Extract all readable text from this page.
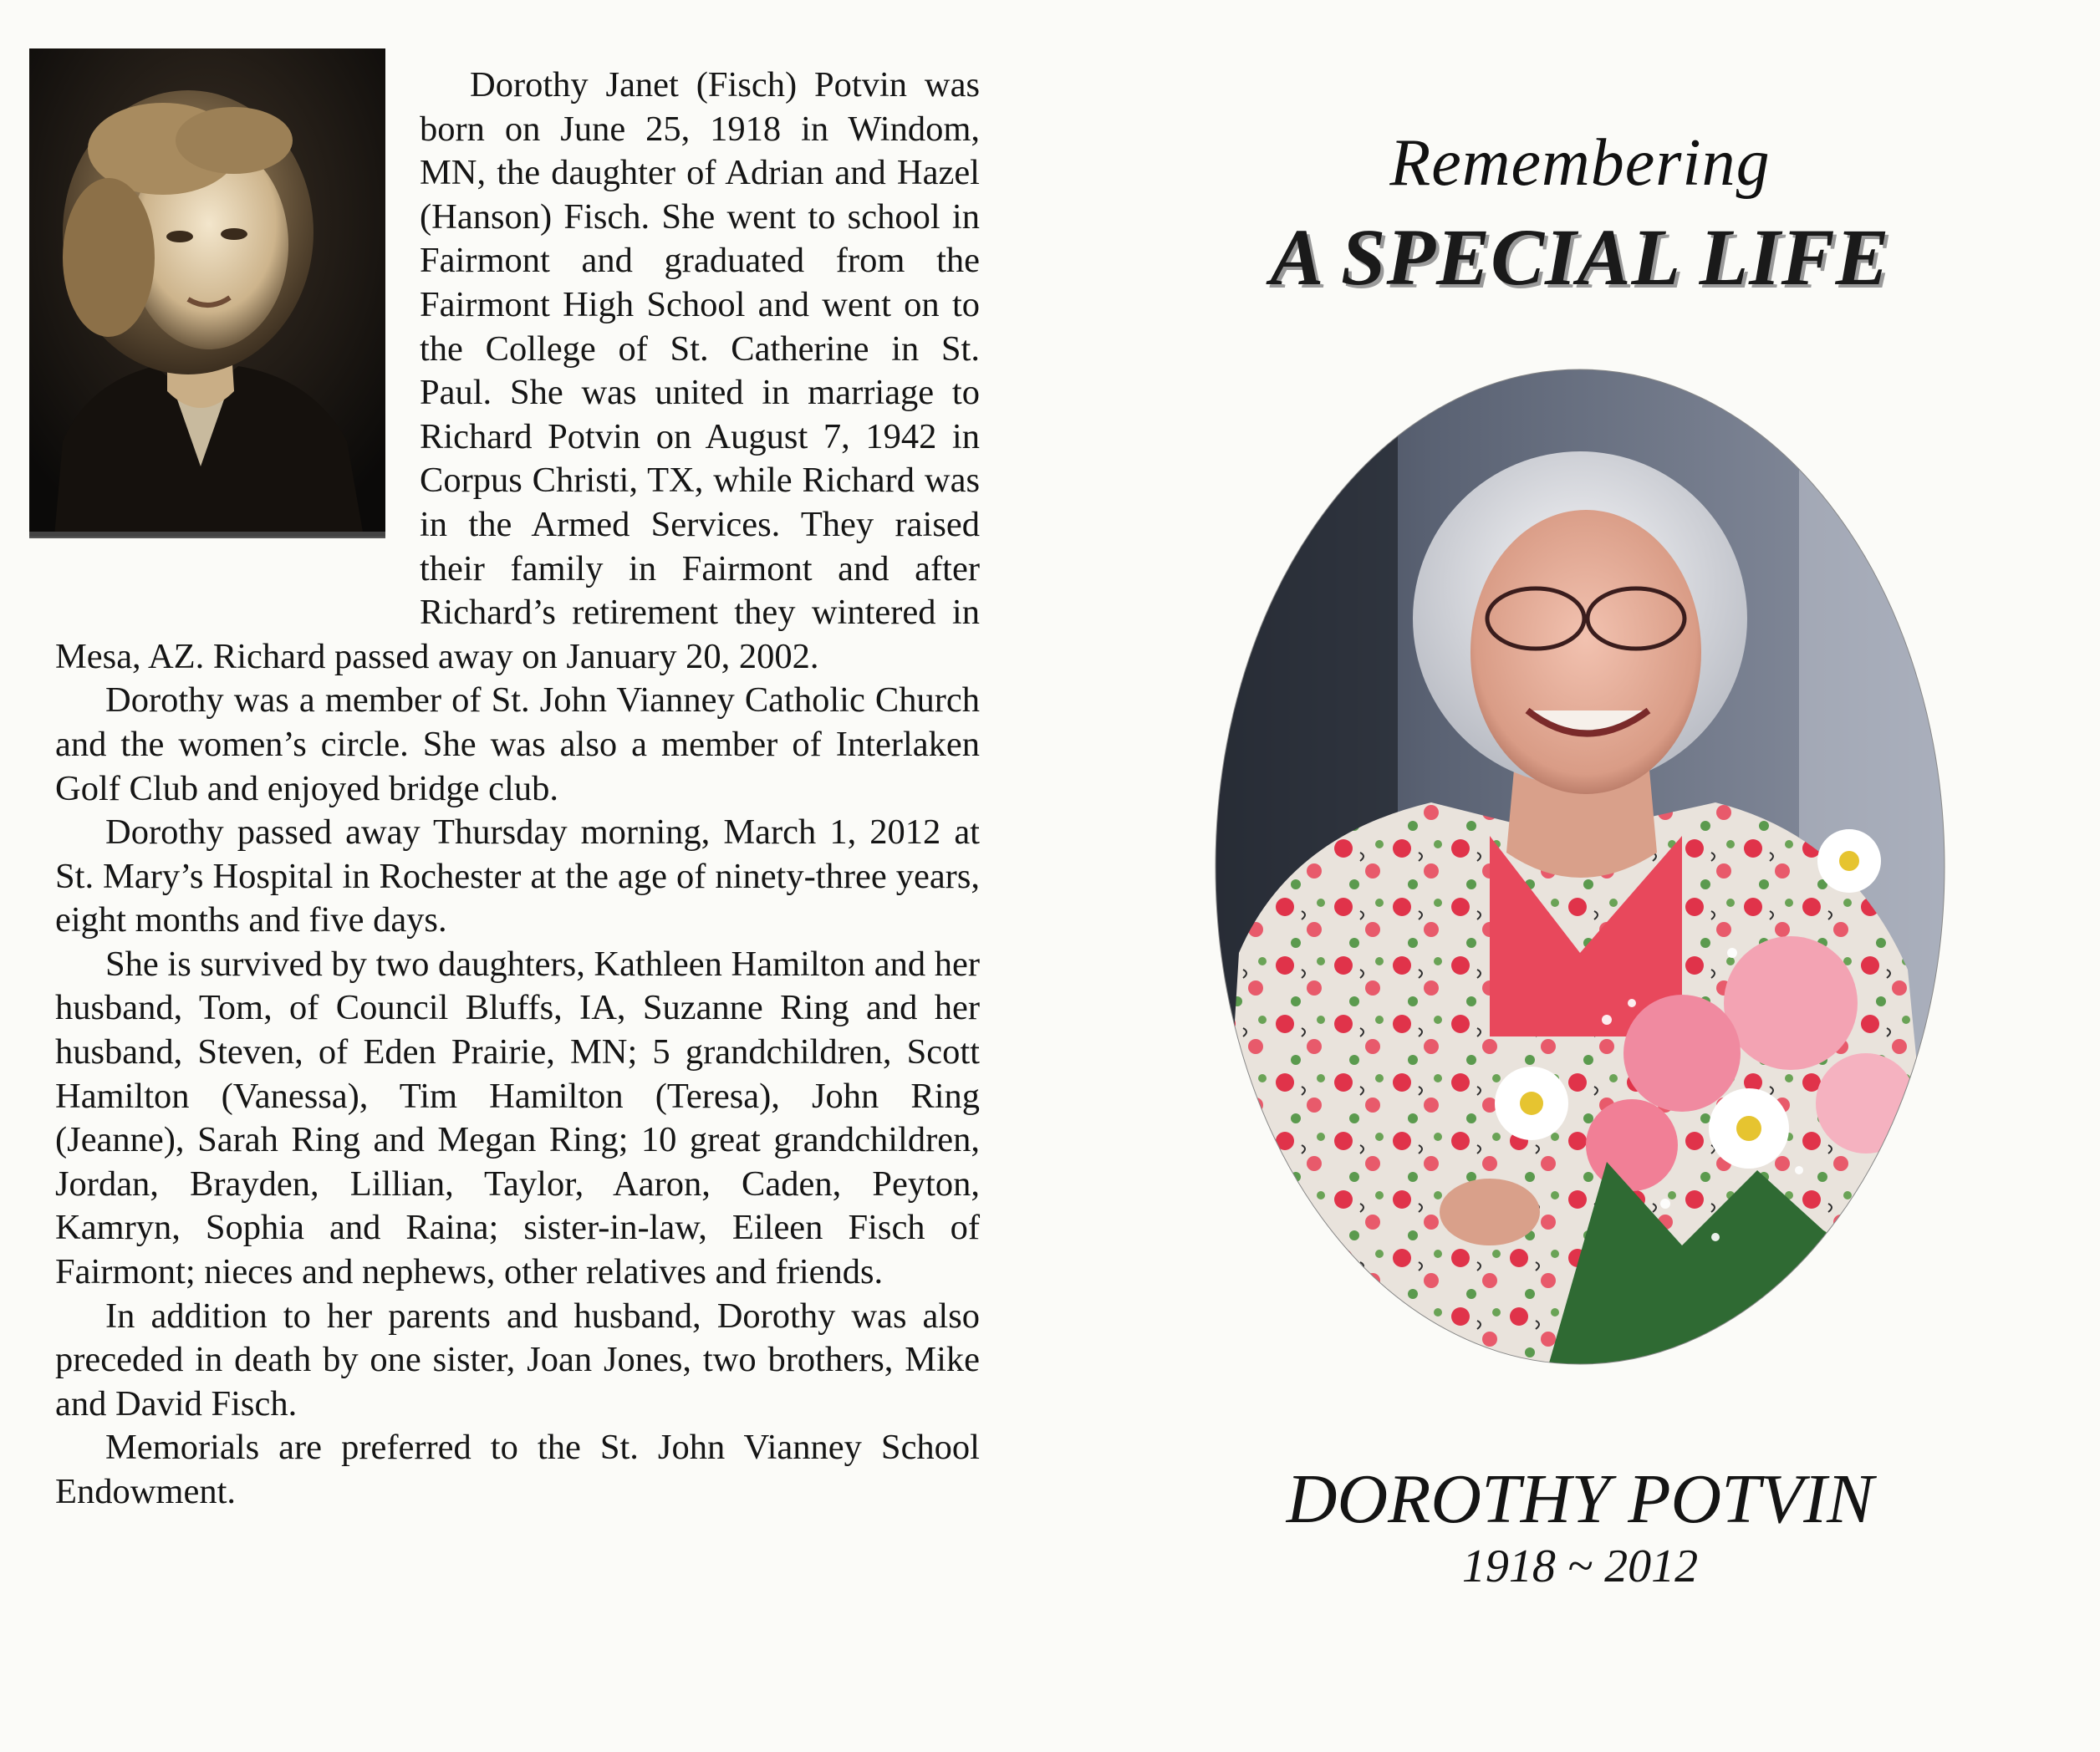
Dorothy Janet (Fisch) Potvin was born on June 25, 1918 in Windom, MN, the daughter of Adrian and Hazel (Hanson) Fisch. She went to school in Fairmont and graduated from the Fairmont High School and went on to the College of St. Catherine in St. Paul. She was united in marriage to Richard Potvin on August 7, 1942 in Corpus Christi, TX, while Richard was in the Armed Services. They raised their family in Fairmont and after Richard’s retirement they wintered in Mesa, AZ. Richard passed away on January 20, 2002.

Dorothy was a member of St. John Vianney Catholic Church and the women’s circle. She was also a member of Interlaken Golf Club and enjoyed bridge club.

Dorothy passed away Thursday morning, March 1, 2012 at St. Mary’s Hospital in Rochester at the age of ninety-three years, eight months and five days.

She is survived by two daughters, Kathleen Hamilton and her husband, Tom, of Council Bluffs, IA, Suzanne Ring and her husband, Steven, of Eden Prairie, MN; 5 grandchildren, Scott Hamilton (Vanessa), Tim Hamilton (Teresa), John Ring (Jeanne), Sarah Ring and Megan Ring; 10 great grandchildren, Jordan, Brayden, Lillian, Taylor, Aaron, Caden, Peyton, Kamryn, Sophia and Raina; sister-in-law, Eileen Fisch of Fairmont; nieces and nephews, other relatives and friends.

In addition to her parents and husband, Dorothy was also preceded in death by one sister, Joan Jones, two brothers, Mike and David Fisch.

Memorials are preferred to the St. John Vianney School Endowment.

Remembering
A SPECIAL LIFE
DOROTHY POTVIN
1918 ~ 2012
